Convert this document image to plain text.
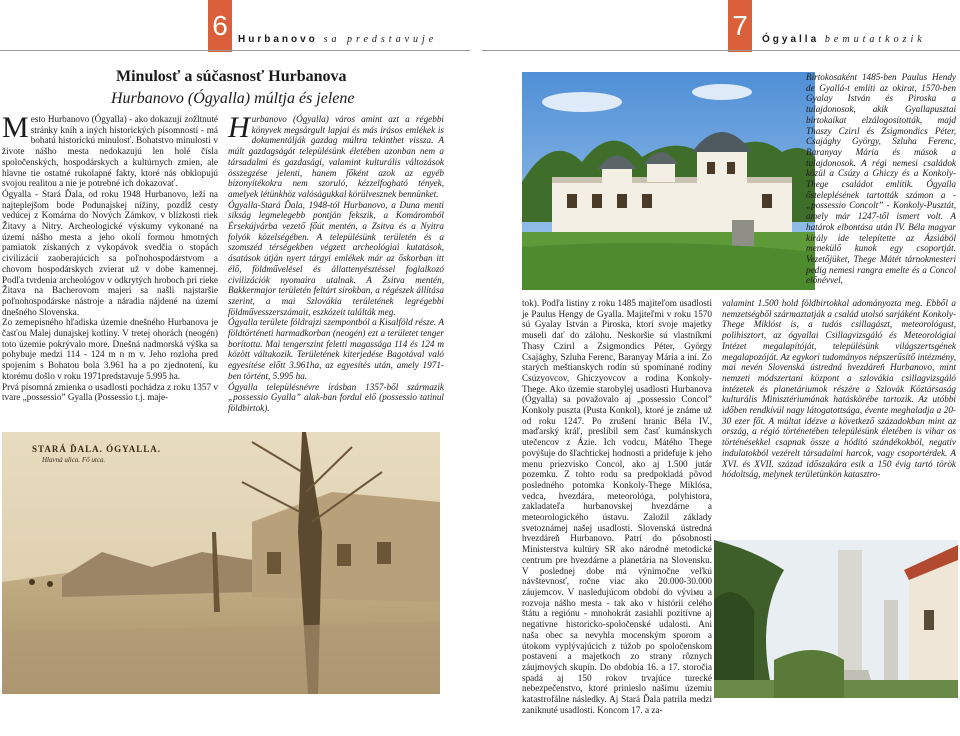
6	Hurbanovo sa predstavuje
Minulosť a súčasnosť Hurbanova
Hurbanovo (Ógyalla) múltja és jelene

Mesto Hurbanovo (Ógyalla) - ako dokazují zožltnuté stránky kníh a iných historických písomností - má bohatú historickú minulosť. Bohatstvo minulosti v živote nášho mesta nedokazujú len holé čísla spoločenských, hospodárskych a kultúrnych zmien, ale hlavne tie ostatné rukolapné fakty, ktoré nás obklopujú svojou realitou a nie je potrebné ich dokazovať.

Ógyalla - Stará Ďala, od roku 1948 Hurbanovo, leží na najteplejšom bode Podunajskej nížiny, pozdĺž cesty vedúcej z Komárna do Nových Zámkov, v blízkosti riek Žitavy a Nitry. Archeologické výskumy vykonané na území nášho mesta a jeho okolí formou hmotných pamiatok získaných z vykopávok svedčia o stopách civilizácií zaoberajúcich sa poľnohospodárstvom a chovom hospodárskych zvierat už v dobe kamennej. Podľa tvrdenia archeológov v odkrytých hroboch pri rieke Žitava na Bacherovom majeri sa našli najstaršie poľnohospodárske nástroje a náradia nájdené na území dnešného Slovenska.

Zo zemepisného hľadiska územie dnešného Hurbanova je časťou Malej dunajskej kotliny. V tretej ohorách (neogén) toto územie pokrývalo more. Dnešná nadmorská výška sa pohybuje medzi 114 - 124 m n m v. Jeho rozloha pred spojením s Bohatou bola 3.961 ha a po zjednotení, ku ktorému došlo v roku 1971predstavuje 5.995 ha.

Prvá písomná zmienka o usadlosti pochádza z roku 1357 v tvare „possessio” Gyalla (Possessio t.j. maje-

Hurbanovo (Ógyalla) város amint azt a régebbi könyvek megsárgult lapjai és más írásos emlékek is dokumentálják gazdag múltra tekinthet vissza. A múlt gazdagságát településünk életében azonban nem a társadalmi és gazdasági, valamint kulturális változások összegzése jelenti, hanem főként azok az egyéb bizonyítékokra nem szoruló, kézzelfogható tények, amelyek létünkhöz valóságukkal körülvesznek bennünket.

Ógyalla-Stará Ďala, 1948-tól Hurbanovo, a Duna menti síkság legmelegebb pontján fekszik, a Komáromból Érsekújvárba vezető főút mentén, a Zsitva és a Nyitra folyók közelségében. A településünk területén és a szomszéd térségekben végzett archeológiai kutatások, ásatások útján nyert tárgyi emlékek már az őskorban itt élő, földművelésel és állattenyésztéssel foglalkozó civilizációk nyomaira utalnak. A Zsitva mentén, Bakkermajor területén feltárt sírokban, a régészek állítása szerint, a mai Szlovákia területének legrégebbi földművesszerszámait, eszközeit találták meg.

Ógyalla területe földrajzi szempontból a Kisalföld része. A földtörténeti harmadkorban (neogén) ezt a területet tenger borította. Mai tengerszint feletti magassága 114 és 124 m között váltakozik. Területének kiterjedése Bagotával való egyesítése előtt 3.961ha, az egyesítés után, amely 1971-ben történt, 5.995 ha.

Ógyalla településnévre írásban 1357-ből származik „possessio Gyalla” alak-ban fordul elő (possessio tatinul földbirtok).

STARÁ ĎALA. ÓGYALLA.
Hlavná ulica. Fő utca.
7	Ógyalla bemutatkozik

tok). Podľa listiny z roku 1485 majiteľom usadlosti je Paulus Hengy de Gyalla. Majiteľmi v roku 1570 sú Gyalay István a Piroska, ktorí svoje majetky museli dať do zálohu. Neskoršie sú vlastníkmi Thasy Czirıl a Zsigmondics Péter, György Csajághy, Szluha Ferenc, Baranyay Mária a iní. Zo starých meštianskych rodín sú spomínané rodiny Csúzyovcov, Ghiczyovcov a rodina Konkoly-Thege. Ako územie starobylej usadlosti Hurbanova (Ógyalla) sa považovalo aj „possessio Concol” Konkoly puszta (Pusta Konkol), ktoré je známe už od roku 1247. Po zrušení hranic Béla IV., maďarský kráľ, preslíbil sem časť kumánskych utečencov z Ázie. Ich vodcu, Mátého Thege povýšuje do šľachtickej hodnosti a pridefuje k jeho menu priezvisko Concol, ako aj 1.500 jutár pozemku. Z tohto rodu sa predpokladá pôvod posledného potomka Konkoly-Thege Miklósa, vedca, hvezdára, meteorológa, polyhistora, zakladateľa hurbanovskej hvezdárne a meteorologického ústavu. Založil základy svetoznámej našej usadlosti. Slovenská ústredná hvezdáreň Hurbanovo. Patrí do pôsobnosti Ministerstva kultúry SR ako národné metodické centrum pre hvezdárne a planetária na Slovensku. V poslednej dobe má výnimočne veľkú návštevnosť, ročne viac ako 20.000-30.000 záujemcov. V nasledujúcom období do výviмu a rozvoja nášho mesta - tak ako v histórii celého štátu a regiónu - mnohokrát zasiahli pozitívne aj negatívne historicko-spoločenské udalosti. Ani naša obec sa nevyhla mocenským sporom a útokom vyplývajúcich z túžob po spoločenskom postavení a majetkoch zo strany rôznych záujmových skupín. Do obdobia 16. a 17. storočia spadá aj 150 rokov trvajúce turecké nebezpečenstvo, ktoré prinieslo našímu územiu katastrofálne následky. Aj Stará Ďala patrila medzi zaniknuté usadlosti. Koncom 17. a za-

Birtokosaként 1485-ben Paulus Hendy de Gyallá-t említi az okirat, 1570-ben Gyalay István és Piroska a tulajdonosok, akik Gyallapusztai birtokaikat elzálogosították, majd Thaszy Czirıl és Zsigmondics Péter, Csajághy György, Szluha Ferenc, Baranyay Mária és mások a tulajdonosok. A régi nemesi családok közül a Csúzy a Ghiczy és a Konkoly-Thege családot említik. Ógyalla ősteleplésének tartották számon a - „possessio Concolt” - Konkoly-Pusztát, amely már 1247-től ismert volt. A határok elbontása után IV. Béla magyar király ide telepítette az Ázsiából menekülő kunok egy csoportját. Vezetőjüket, Thege Mátét tárnokmesteri pedig nemesi rangra emelte és a Concol előnévvel,

valamint 1.500 hold földbirtokkal adományozta meg. Ebből a nemzetségből származtatják a család utolsó sarjáként Konkoly-Thege Miklóst is, a tudós csillagászt, meteorológust, polihisztort, az ógyallai Csillagvizsgáló és Meteorológiai Intézet megalapítóját, településünk világszertsgének megalapozóját. Az egykori tudományos népszerűsítő intézmény, mai nevén Slovenská ústredná hvezdáreň Hurbanovo, mint nemzeti módszertani központ a szlovákia csillagvizsgáló intézetek és planetáriumok részére a Szlovák Köztársaság kulturális Minisztériumának hatáskörébe tartozik. Az utóbbi időben rendkívül nagy látogatottsága, évente meghaladja a 20-30 ezer főt. A múltat idézve a következő századokban mint az ország, a régió történetében településünk életében is vihar os történésekkel csapnak össze a hódító szándékokból, negatív indulatokból vezérelt társadalmi harcok, vagy csoportérdek. A XVI. és XVII. század időszakára esik a 150 évig tartó török hódoltság, melynek területünkön katasztro-
